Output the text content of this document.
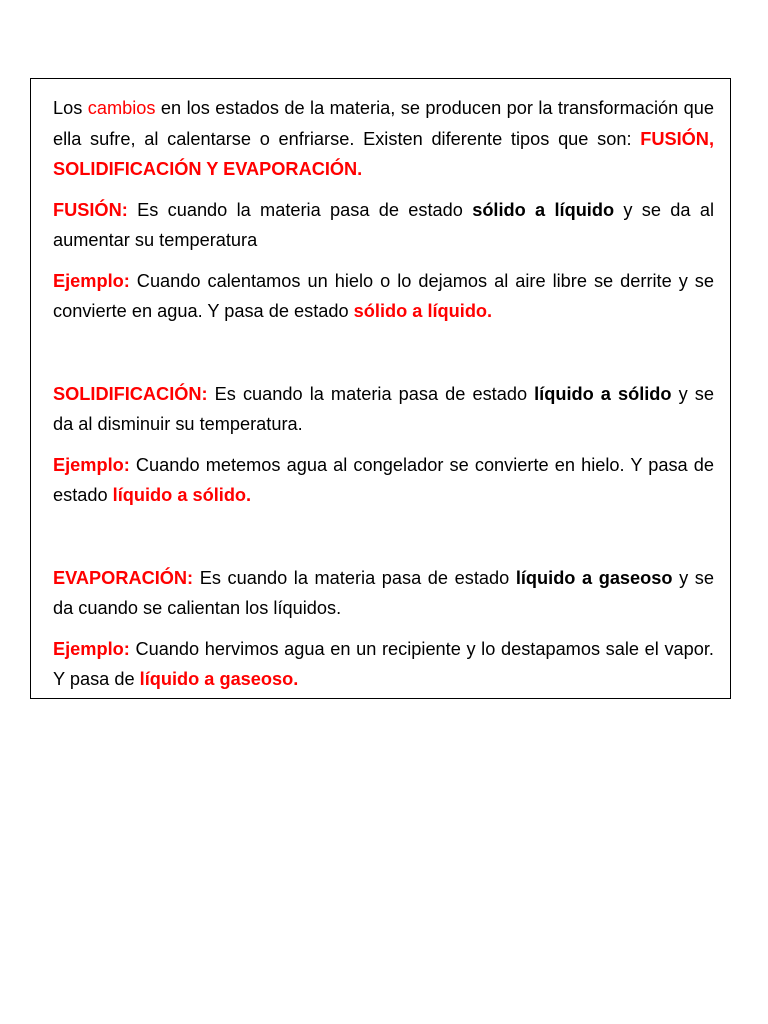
Los cambios en los estados de la materia, se producen por la transformación que ella sufre, al calentarse o enfriarse. Existen diferente tipos que son: FUSIÓN, SOLIDIFICACIÓN Y EVAPORACIÓN.

FUSIÓN: Es cuando la materia pasa de estado sólido a líquido y se da al aumentar su temperatura

Ejemplo: Cuando calentamos un hielo o lo dejamos al aire libre se derrite y se convierte en agua. Y pasa de estado sólido a líquido.

SOLIDIFICACIÓN: Es cuando la materia pasa de estado líquido a sólido y se da al disminuir su temperatura.

Ejemplo: Cuando metemos agua al congelador se convierte en hielo. Y pasa de estado líquido a sólido.

EVAPORACIÓN: Es cuando la materia pasa de estado líquido a gaseoso y se da cuando se calientan los líquidos.

Ejemplo: Cuando hervimos agua en un recipiente y lo destapamos sale el vapor. Y pasa de líquido a gaseoso.
